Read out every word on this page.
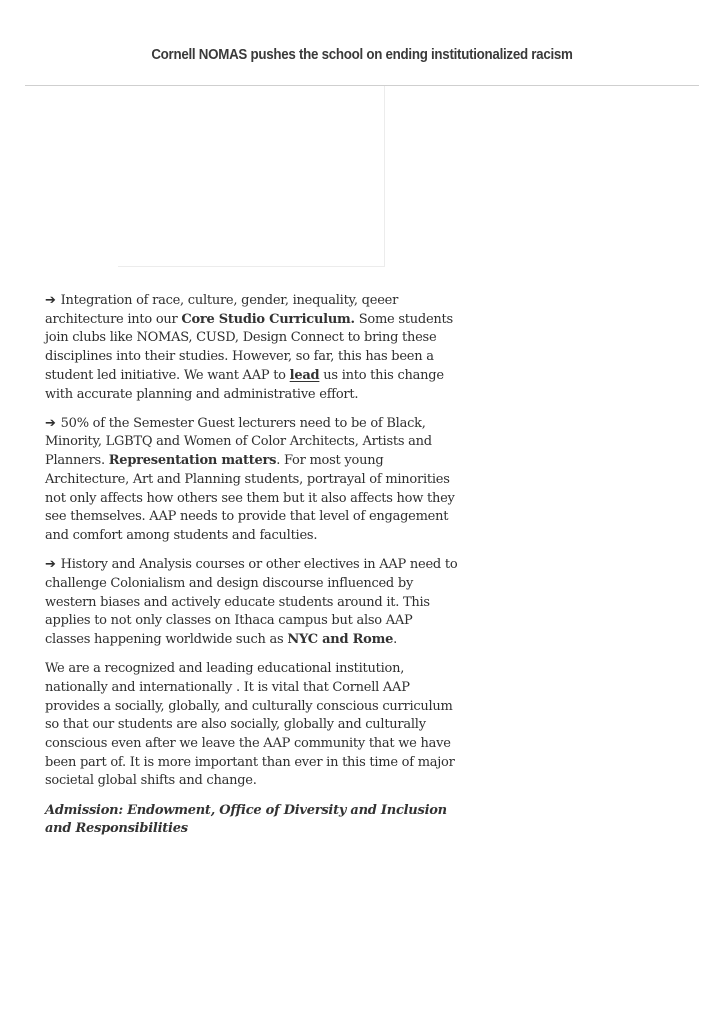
Cornell NOMAS pushes the school on ending institutionalized racism

➔ Integration of race, culture, gender, inequality, qeeer architecture into our Core Studio Curriculum. Some students join clubs like NOMAS, CUSD, Design Connect to bring these disciplines into their studies. However, so far, this has been a student led initiative. We want AAP to lead us into this change with accurate planning and administrative effort.

➔ 50% of the Semester Guest lecturers need to be of Black, Minority, LGBTQ and Women of Color Architects, Artists and Planners. Representation matters. For most young Architecture, Art and Planning students, portrayal of minorities not only affects how others see them but it also affects how they see themselves. AAP needs to provide that level of engagement and comfort among students and faculties.

➔ History and Analysis courses or other electives in AAP need to challenge Colonialism and design discourse influenced by western biases and actively educate students around it. This applies to not only classes on Ithaca campus but also AAP classes happening worldwide such as NYC and Rome.

We are a recognized and leading educational institution, nationally and internationally . It is vital that Cornell AAP provides a socially, globally, and culturally conscious curriculum so that our students are also socially, globally and culturally conscious even after we leave the AAP community that we have been part of. It is more important than ever in this time of major societal global shifts and change.

Admission: Endowment, Office of Diversity and Inclusion and Responsibilities
